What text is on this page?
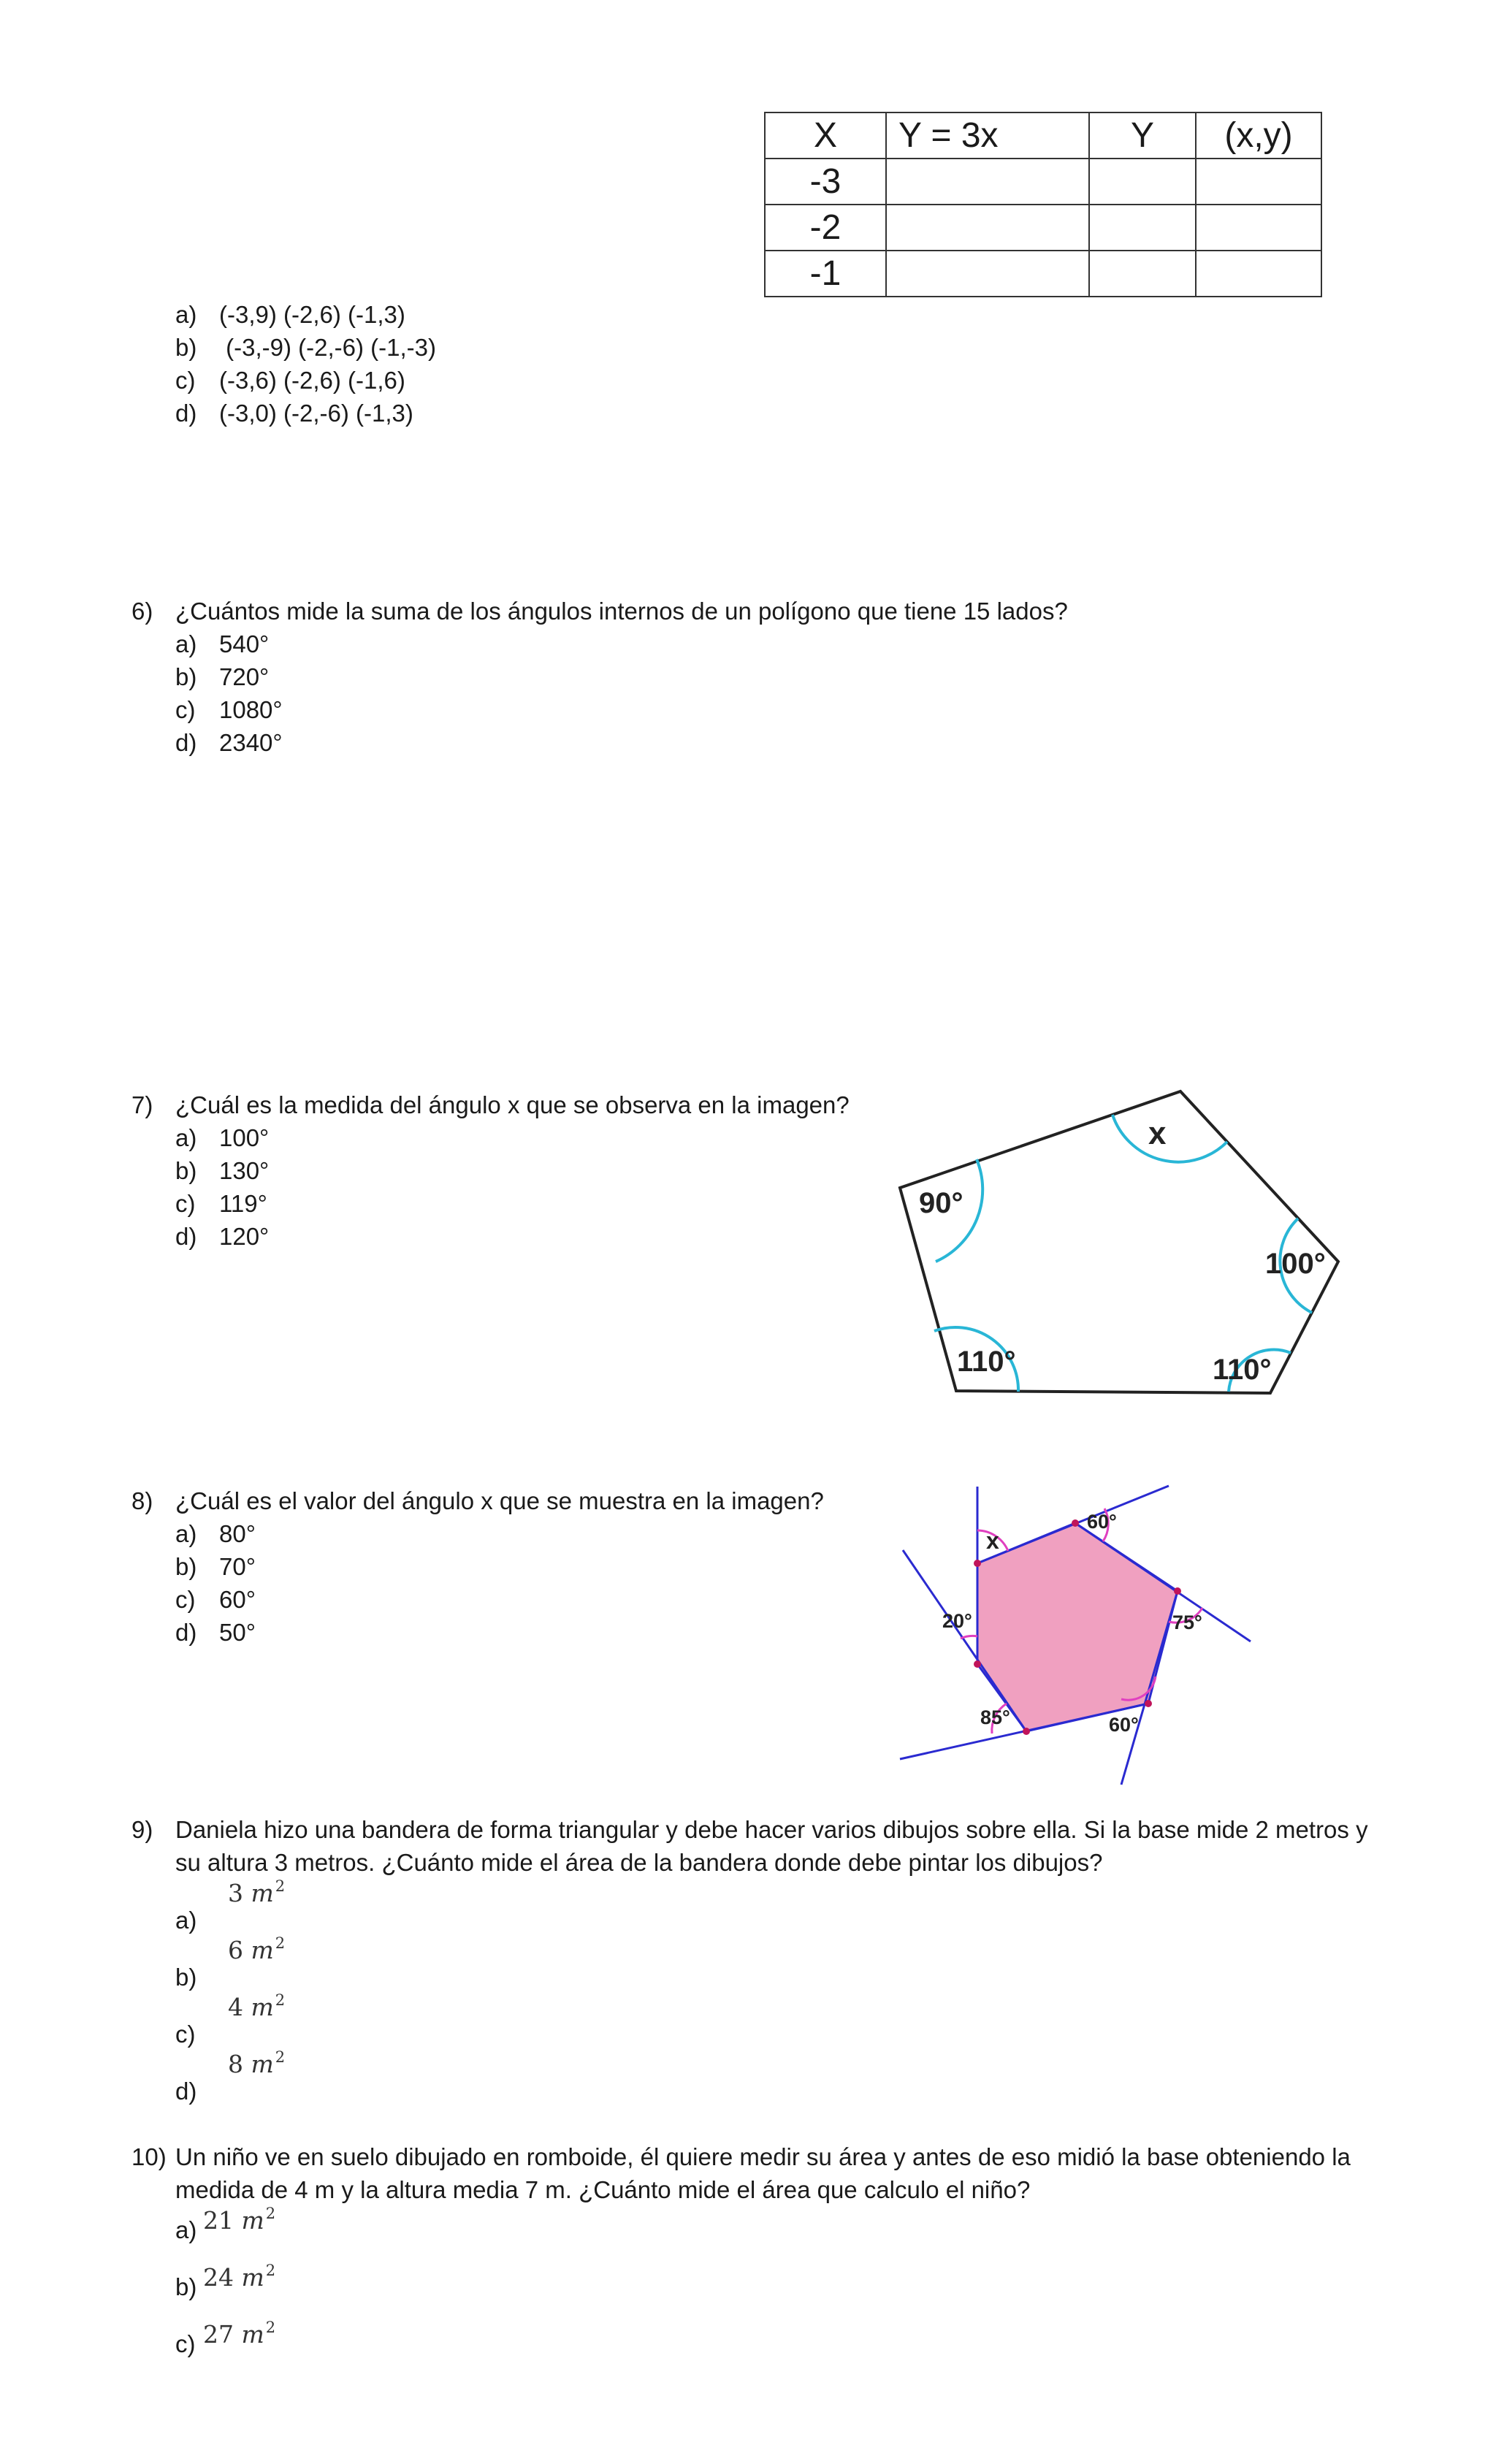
X	Y = 3x	Y	(x,y)
-3			
-2			
-1			
a) (-3,9) (-2,6) (-1,3)
b) (-3,-9) (-2,-6) (-1,-3)
c) (-3,6) (-2,6) (-1,6)
d) (-3,0) (-2,-6) (-1,3)
6) ¿Cuántos mide la suma de los ángulos internos de un polígono que tiene 15 lados?
a) 540°
b) 720°
c) 1080°
d) 2340°
7) ¿Cuál es la medida del ángulo x que se observa en la imagen?
a) 100°
b) 130°
c) 119°
d) 120°
90°
x
100°
110°	110°
8) ¿Cuál es el valor del ángulo x que se muestra en la imagen?
a) 80°
b) 70°
c) 60°
d) 50°
x
60°
75°
60°
85°
20°
9) Daniela hizo una bandera de forma triangular y debe hacer varios dibujos sobre ella. Si la base mide 2 metros y
su altura 3 metros. ¿Cuánto mide el área de la bandera donde debe pintar los dibujos?
3 $m^2$
a)
6 $m^2$
b)
4 $m^2$
c)
8 $m^2$
d)
10) Un niño ve en suelo dibujado en romboide, él quiere medir su área y antes de eso midió la base obteniendo la
medida de 4 m y la altura media 7 m. ¿Cuánto mide el área que calculo el niño?
a) 21 $m^2$
b) 24 $m^2$
c) 27 $m^2$
